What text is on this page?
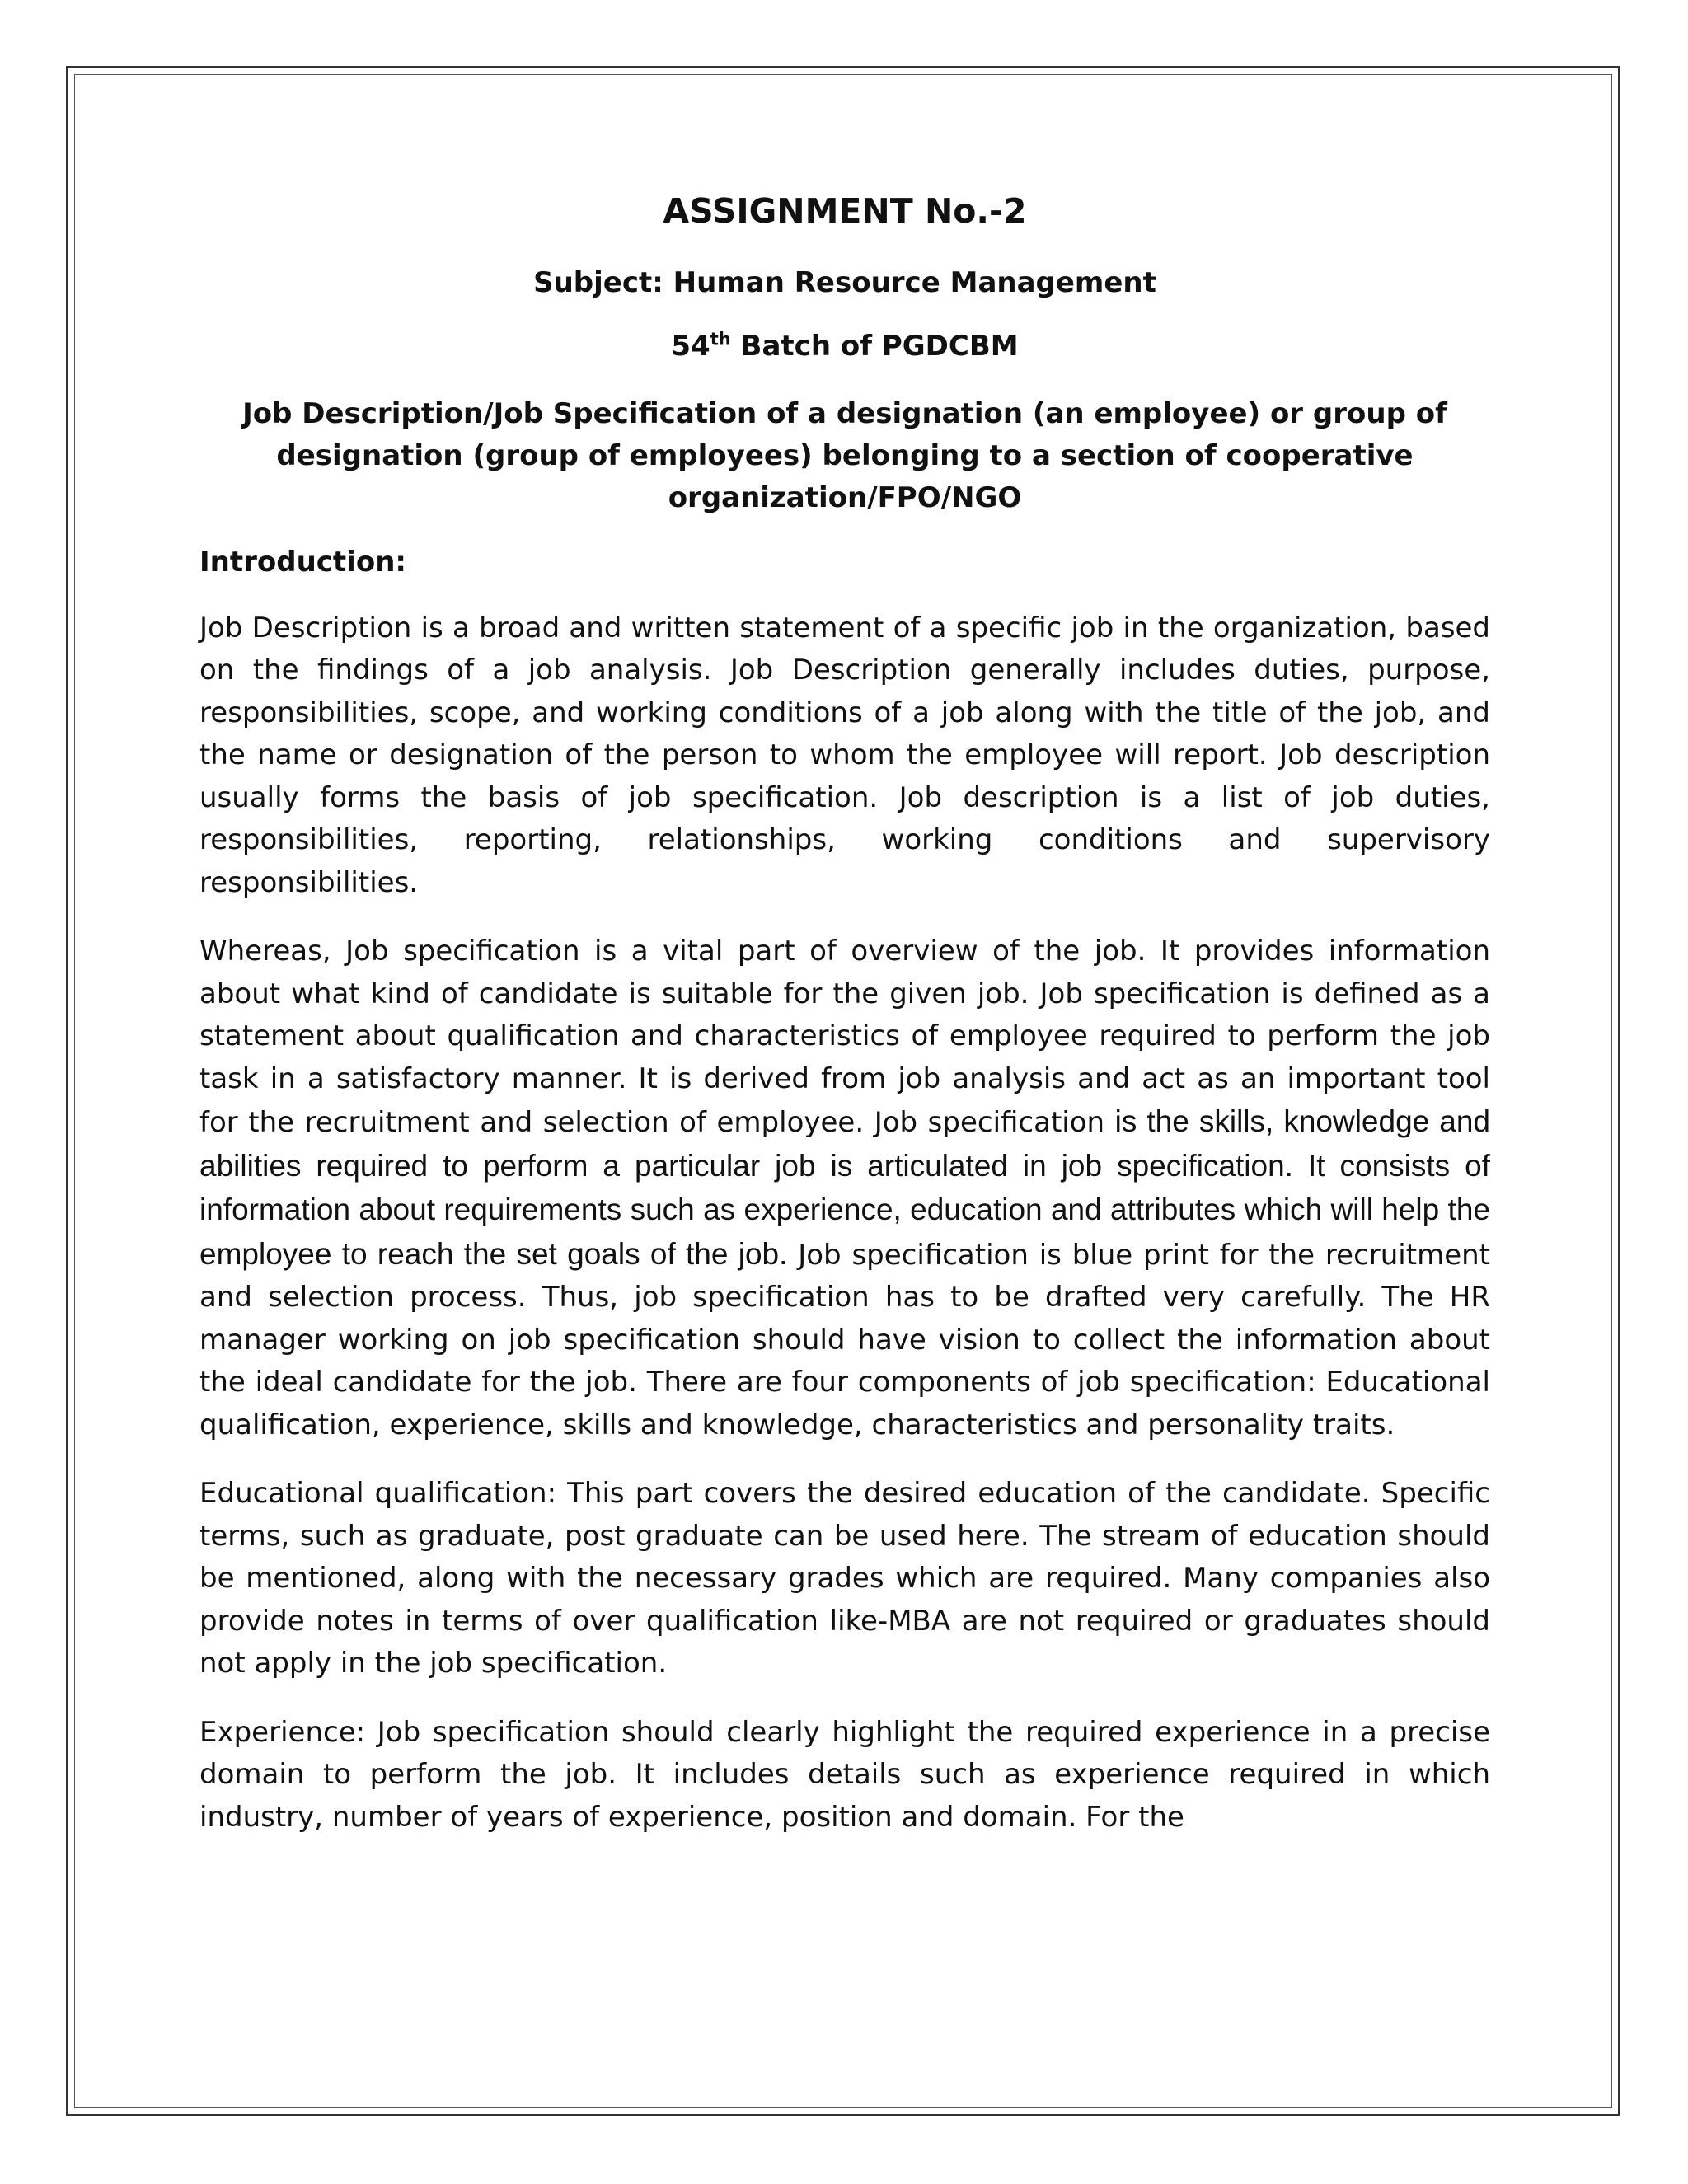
ASSIGNMENT No.-2
Subject: Human Resource Management
54th Batch of PGDCBM
Job Description/Job Specification of a designation (an employee) or group of designation (group of employees) belonging to a section of cooperative organization/FPO/NGO
Introduction:

Job Description is a broad and written statement of a specific job in the organization, based on the findings of a job analysis. Job Description generally includes duties, purpose, responsibilities, scope, and working conditions of a job along with the title of the job, and the name or designation of the person to whom the employee will report. Job description usually forms the basis of job specification. Job description is a list of job duties, responsibilities, reporting, relationships, working conditions and supervisory responsibilities.

Whereas, Job specification is a vital part of overview of the job. It provides information about what kind of candidate is suitable for the given job. Job specification is defined as a statement about qualification and characteristics of employee required to perform the job task in a satisfactory manner. It is derived from job analysis and act as an important tool for the recruitment and selection of employee. Job specification is the skills, knowledge and abilities required to perform a particular job is articulated in job specification. It consists of information about requirements such as experience, education and attributes which will help the employee to reach the set goals of the job. Job specification is blue print for the recruitment and selection process. Thus, job specification has to be drafted very carefully. The HR manager working on job specification should have vision to collect the information about the ideal candidate for the job. There are four components of job specification: Educational qualification, experience, skills and knowledge, characteristics and personality traits.

Educational qualification: This part covers the desired education of the candidate. Specific terms, such as graduate, post graduate can be used here. The stream of education should be mentioned, along with the necessary grades which are required. Many companies also provide notes in terms of over qualification like-MBA are not required or graduates should not apply in the job specification.

Experience: Job specification should clearly highlight the required experience in a precise domain to perform the job. It includes details such as experience required in which industry, number of years of experience, position and domain. For the
